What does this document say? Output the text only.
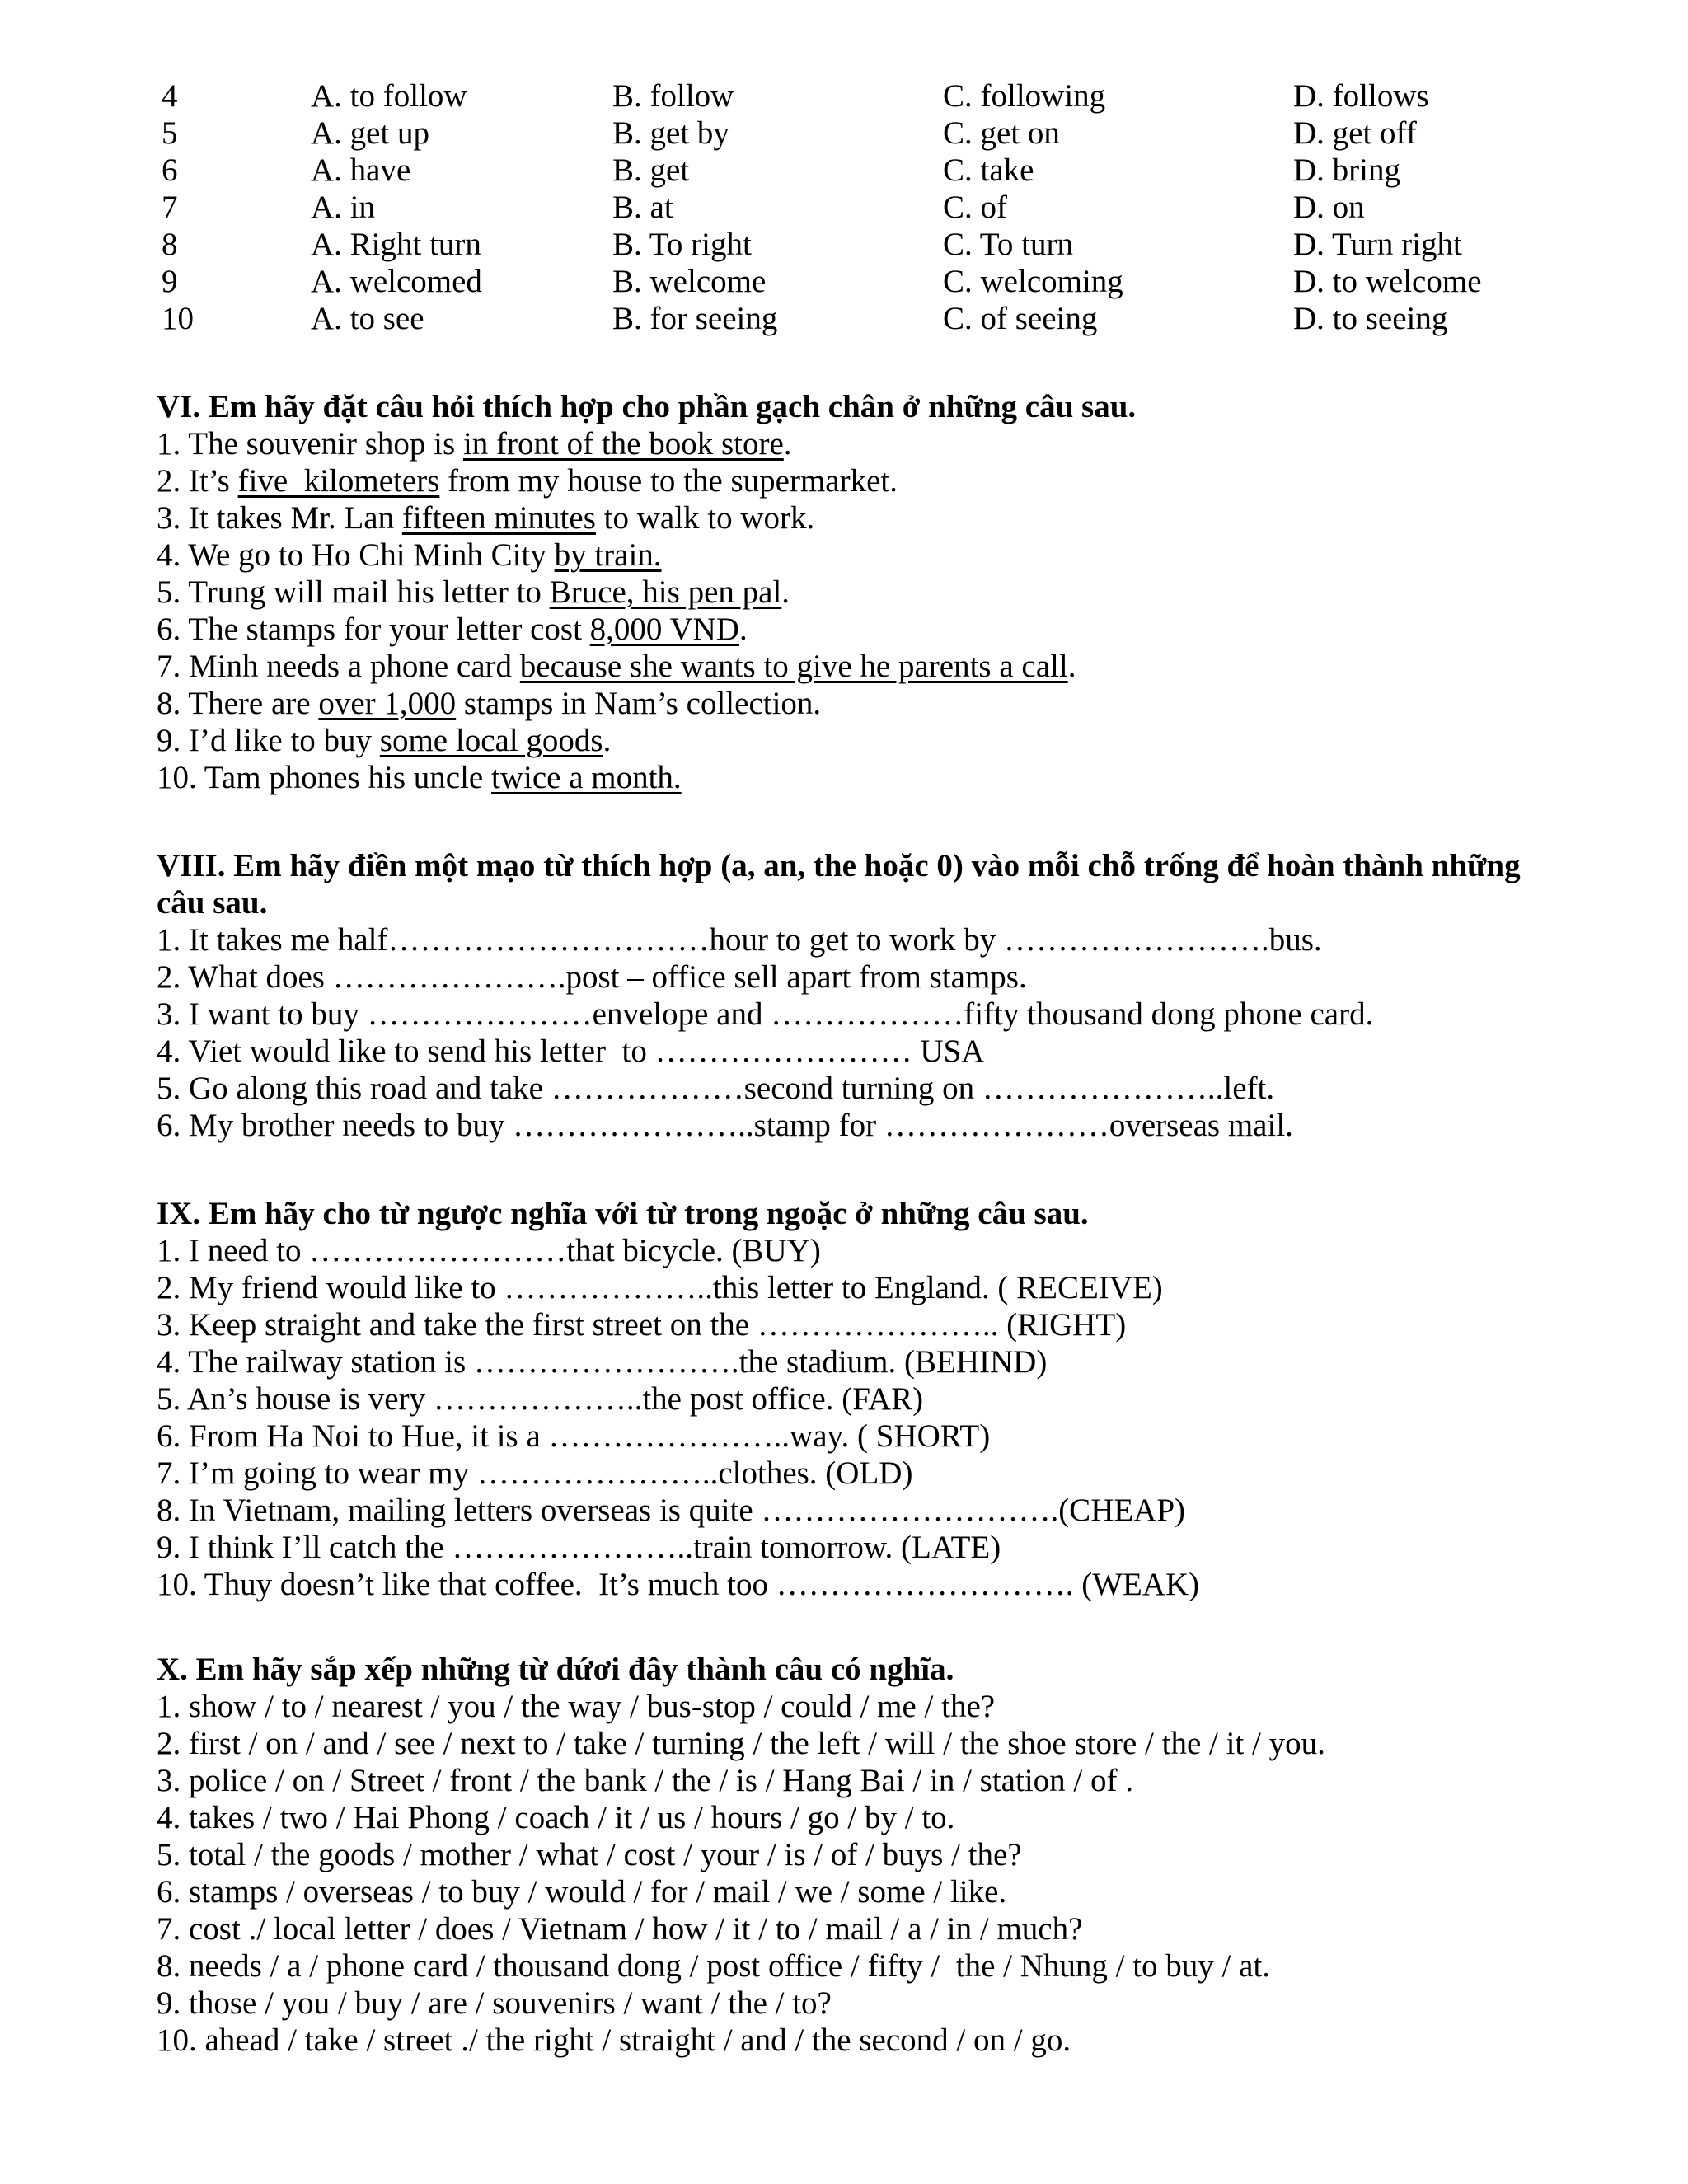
4	A. to follow	B. follow	C. following	D. follows
5	A. get up	B. get by	C. get on	D. get off
6	A. have	B. get	C. take	D. bring
7	A. in	B. at	C. of	D. on
8	A. Right turn	B. To right	C. To turn	D. Turn right
9	A. welcomed	B. welcome	C. welcoming	D. to welcome
10	A. to see	B. for seeing	C. of seeing	D. to seeing
VI. Em hãy đặt câu hỏi thích hợp cho phần gạch chân ở những câu sau.
1. The souvenir shop is in front of the book store.
2. It’s five  kilometers from my house to the supermarket.
3. It takes Mr. Lan fifteen minutes to walk to work.
4. We go to Ho Chi Minh City by train.
5. Trung will mail his letter to Bruce, his pen pal.
6. The stamps for your letter cost 8,000 VND.
7. Minh needs a phone card because she wants to give he parents a call.
8. There are over 1,000 stamps in Nam’s collection.
9. I’d like to buy some local goods.
10. Tam phones his uncle twice a month.
VIII. Em hãy điền một mạo từ thích hợp (a, an, the hoặc 0) vào mỗi chỗ trống để hoàn thành những
câu sau.
1. It takes me half…………………………hour to get to work by …………………….bus.
2. What does ………………….post – office sell apart from stamps.
3. I want to buy …………………envelope and ………………fifty thousand dong phone card.
4. Viet would like to send his letter  to …………………… USA
5. Go along this road and take ………………second turning on …………………..left.
6. My brother needs to buy …………………..stamp for …………………overseas mail.
IX. Em hãy cho từ ngược nghĩa với từ trong ngoặc ở những câu sau.
1. I need to ……………………that bicycle. (BUY)
2. My friend would like to ………………..this letter to England. ( RECEIVE)
3. Keep straight and take the first street on the ………………….. (RIGHT)
4. The railway station is …………………….the stadium. (BEHIND)
5. An’s house is very ………………..the post office. (FAR)
6. From Ha Noi to Hue, it is a …………………..way. ( SHORT)
7. I’m going to wear my …………………..clothes. (OLD)
8. In Vietnam, mailing letters overseas is quite ……………………….(CHEAP)
9. I think I’ll catch the …………………..train tomorrow. (LATE)
10. Thuy doesn’t like that coffee.  It’s much too ………………………. (WEAK)
X. Em hãy sắp xếp những từ dứơi đây thành câu có nghĩa.
1. show / to / nearest / you / the way / bus-stop / could / me / the?
2. first / on / and / see / next to / take / turning / the left / will / the shoe store / the / it / you.
3. police / on / Street / front / the bank / the / is / Hang Bai / in / station / of .
4. takes / two / Hai Phong / coach / it / us / hours / go / by / to.
5. total / the goods / mother / what / cost / your / is / of / buys / the?
6. stamps / overseas / to buy / would / for / mail / we / some / like.
7. cost ./ local letter / does / Vietnam / how / it / to / mail / a / in / much?
8. needs / a / phone card / thousand dong / post office / fifty /  the / Nhung / to buy / at.
9. those / you / buy / are / souvenirs / want / the / to?
10. ahead / take / street ./ the right / straight / and / the second / on / go.
